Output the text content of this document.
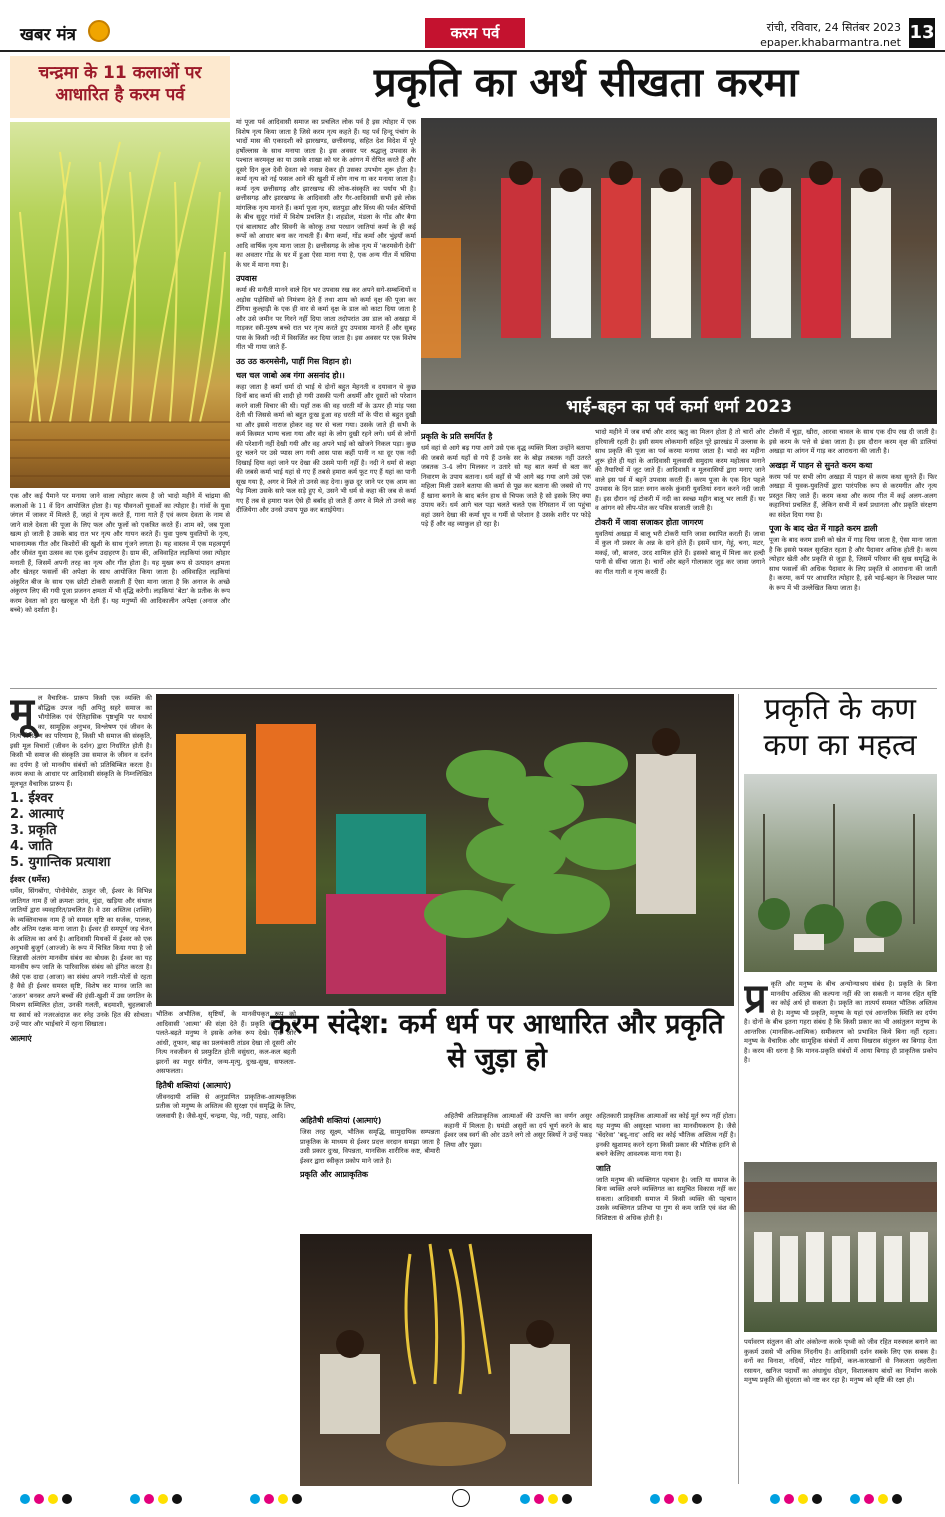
खबर मंत्र	करम पर्व	रांची, रविवार, 24 सितंबर 2023
epaper.khabarmantra.net 13
चन्द्रमा के 11 कलाओं पर आधारित है करम पर्व
एक और कई पैमाने पर मनाया जाने वाला त्योहार करम है जो भादो महीने में चांद्रमा की कलाओं के 11 वें दिन आयोजित होता है। यह यौवनओं युवाओं का त्योहार है। गांवों के युवा जंगल में जाकर में मिलते हैं, जहां वे नृत्य करते हैं, गाना गाते हैं एवं करम देवता के नाम से जाने वाले देवता की पूजा के लिए फल और फूलों को एकत्रित करते हैं। शाम को, जब पूजा खत्म हो जाती है उसके बाद रात भर नृत्य और गायन करते हैं। युवा पुरुष युवतियों के नृत्य, भावनात्मक गीत और किशोरों की खुशी के साथ गूंजने लगता है। यह वास्तव में एक महत्वपूर्ण और जीवंत युवा उत्सव का एक दुर्लभ उदाहरण है। ग्राम की, अविवाहित लड़कियां जवा त्योहार मनाती हैं, जिसमें अपनी तरह का नृत्य और गीत होता है। यह मुख्य रूप से उत्पादन क्षमता और खेतहर फसलों की अपेक्षा के साथ आयोजित किया जाता है। अविवाहित लड़कियां अंकुरित बीज के साथ एक छोटी टोकरी सजाती हैं ऐसा माना जाता है कि अनाज के अच्छे अंकुरण लिए की गयी पूजा प्रजनन क्षमता में भी वृद्धि करेगी। लड़कियां 'बेटा' के प्रतीक के रूप करम देवता को हरा खरबूज भी देती हैं। यह मनुष्यों की आदिकालीन अपेक्षा (अनाज और बच्चे) को दर्शाता है।
प्रकृति का अर्थ सीखता करमा

मां पूजा पर्व आदिवासी समाज का प्रचलित लोक पर्व है इस त्योहार में एक विशेष नृत्य किया जाता है जिसे करम नृत्य कहते हैं। यह पर्व हिन्दू पंचांग के भादों मास की एकादशी को झारखण्ड, छत्तीसगढ़, सहित देश विदेश में पूरे हर्षोल्लास के साथ मनाया जाता है। इस अवसर पर श्रद्धालु उपवास के पश्चात करमवृक्ष का या उसके शाखा को घर के आंगन में रोपित करते हैं और दूसरे दिन कुल देवी देवता को नवान्न देकर ही उसका उपभोग शुरू होता है। कर्मा नृत्य को नई फसल आने की खुशी में लोग नाच गा कर मनाया जाता है। कर्मा नृत्य छत्तीसगढ़ और झारखण्ड की लोक-संस्कृति का पर्याय भी है। छत्तीसगढ़ और झारखण्ड के आदिवासी और गैर-आदिवासी सभी इसे लोक मांगलिक नृत्य मानते हैं। कर्मा पूजा नृत्य, सतपुड़ा और विंध्य की पर्वत श्रेणियों के बीच सुदूर गांवों में विशेष प्रचलित है। शहडोल, मंडला के गोंड और बैगा एवं बालाघाट और सिवनी के कोरकू तथा परधान जातियां कर्मा के ही कई रूपों को आधार बना कर नाचती हैं। बैगा कर्मा, गोंड कर्मा और भुंइयाँ कर्मा आदि वार्षिक नृत्य माना जाता है। छत्तीसगढ़ के लोक नृत्य में 'करमसेनी देवी' का अवतार गोंड के घर में हुआ ऐसा माना गया है, एक अन्य गीत में घसिया के घर में माना गया है।

उपवास

कर्मा की मनौती मानने वाले दिन भर उपवास रख कर अपने सगे-सम्बन्धियों व अड़ोस पड़ोसियों को निमंत्रण देते हैं तथा शाम को कर्मा वृक्ष की पूजा कर टँगिया कुल्हाड़ी के एक ही वार से कर्मा वृक्ष के डाल को काटा दिया जाता है और उसे जमीन पर गिरने नहीं दिया जाता तदोपरांत उस डाल को अखड़ा में गाड़कर स्त्री-पुरुष बच्चे रात भर नृत्य करते हुए उपवास मानते हैं और सुबह पास के किसी नदी में विसर्जित कर दिया जाता है। इस अवसर पर एक विशेष गीत भी गाया जाते हैं-

उठ उठ करमसेनी, पाहीं गिस विहान हो।
चल चल जाबो अब गंगा असनांद हो।।

कहा जाता है कर्मा धर्मा दो भाई थे दोनों बहुत मेहनती व दयावान थे कुछ दिनों बाद कर्मा की शादी हो गयी उसकी पत्नी अधर्मी और दूसरों को परेशान करने वाली विचार की थी। यहाँ तक की वह धरती माँ के ऊपर ही मांड़ पसा देती थी जिससे कर्मा को बहुत दुःख हुआ वह धरती माँ के पीरा से बहुत दुखी था और इससे नाराज होकर वह घर से चला गया। उसके जाते ही सभी के कर्म किस्मत भाग्य चला गया और वहां के लोग दुखी रहने लगे। धर्म से लोगों की परेशानी नहीं देखी गयी और वह अपने भाई को खोजने निकल पड़ा। कुछ दूर चलने पर उसे प्यास लग गयी आस पास कहीं पानी न था दूर एक नदी दिखाई दिया वहां जाने पर देखा की उसमे पानी नहीं है। नदी ने धर्मा से कहा की जबसे कर्मा भाई यहां से गए हैं तबसे हमारा कर्म फूट गए हैं यहां का पानी सूख गया है, अगर वे मिले तो उनसे कह देना। कुछ दूर जाने पर एक आम का पेड़ मिला उसके सारे फल सड़े हुए थे, उसने भी धर्म से कहा की जब से कर्मा गए हैं तब से हमारा फल ऐसे ही बर्बाद हो जाते हैं अगर वे मिले तो उनसे कह दीजियेगा और उनसे उपाय पूछ कर बताईयेगा।

भाई-बहन का पर्व कर्मा धर्मा 2023
प्रकृति के प्रति समर्पित है

धर्म वहां से आगे बढ़ गया आगे उसे एक वृद्ध व्यक्ति मिला उन्होंने बताया की जबसे कर्मा यहाँ से गये हैं उनके सर के बोझ तबतक नहीं उतरते जबतक 3-4 लोग मिलकर न उतारे सो यह बात कर्मा से बता कर निवारण के उपाय बताना। धर्म वहाँ से भी आगे बढ़ गया आगे उसे एक महिला मिली उसने बताया की कर्मा से पूछ कर बताना की जबसे वो गए हैं खाना बनाने के बाद बर्तन हाथ से चिपक जाते है सो इसके लिए क्या उपाय करें। धर्म आगे चल पड़ा चलते चलते एक रेगिस्तान में जा पहुंचा वहां उसने देखा की कर्मा धूप व गर्मी से परेशान है उसके शरीर पर फोड़े पड़े हैं और वह व्याकुल हो रहा है।

भादो महीने में जब वर्षा और शरद ऋतु का मिलन होता है तो चारों ओर हरियाली रहती है। इसी समय लोकमानी सहित पूरे झारखंड में उल्लास के साथ प्रकृति की पूजा का पर्व करमा मनाया जाता है। भादो का महीना शुरू होते ही यहां के आदिवासी मूलवासी समुदाय करम महोत्सव मनाने की तैयारियों में जुट जाते हैं। आदिवासी व मूलवासियों द्वारा मनाए जाने वाले इस पर्व में बहनें उपवास करती हैं। करम पूजा के एक दिन पहले उपवास के दिन प्रातः स्नान करके कुंवारी युवतियां स्नान करने नदी जाती हैं। इस दौरान नई टोकरी में नदी का स्वच्छ महीन बालू भर लाती हैं। घर व आंगन को लीप-पोत कर पवित्र सजाती जाती है।

टोकरी में जावा सजाकर होता जागरण

युवतियां अखड़ा में बालू भरी टोकरी यानि जावा स्थापित करती हैं। जावा में कुल नौ प्रकार के अन्न के दाने होते हैं। इसमें धान, गेहूं, चना, मटर, मकई, जौ, बाजरा, उरद शामिल होते हैं। इसको बालू में मिला कर हल्दी पानी से सींचा जाता है। चारों ओर बहनें गोलाकार जुड़ कर जावा जगाने का गीत गाती व नृत्य करती हैं।

टोकरी में चूड़ा, खीरा, आरवा चावल के साथ एक दीप रख दी जाती है। इसे करम के पत्ते से ढंका जाता है। इस दौरान करम वृक्ष की डालियां अखड़ा या आंगन में गाड़ कर आराधना की जाती है।

अखड़ा में पाहन से सुनते करम कथा

करम पर्व पर सभी लोग अखड़ा में पाहन से करम कथा सुनते हैं। फिर अखड़ा में युवक-युवतियों द्वारा पारंपरिक रूप से करमगीत और नृत्य प्रस्तुत किए जाते हैं। करम कथा और करम गीत में कई अलग-अलग कहानियां प्रचलित हैं, लेकिन सभी में कर्म प्रधानता और प्रकृति संरक्षण का संदेश दिया गया है।

पूजा के बाद खेत में गाड़ते करम डाली

पूजा के बाद करम डाली को खेत में गाड़ दिया जाता है, ऐसा माना जाता है कि इससे फसल सुरक्षित रहता है और पैदावार अधिक होती है। करम त्योहार खेती और प्रकृति से जुड़ा है, जिसमें परिवार की सुख समृद्धि के साथ फसलों की अधिक पैदावार के लिए प्रकृति से आराधना की जाती है। करमा, कर्म पर आधारित त्योहार है, इसे भाई-बहन के निश्छल प्यार के रूप में भी उल्लेखित किया जाता है।

मू ल वैचारिक- प्रारूप किसी एक व्यक्ति की बौद्धिक उपज नहीं अपितु सहरे समाज का भौगोलिक एवं ऐतिहासिक पृष्ठभूमि पर यथार्थ का, सामूहिक अनुभव, विश्लेषण एवं जीवन के नित्य निरीक्षण का परिणाम है, किसी भी समाज की संस्कृति, इसी मूल विचारों (जीवन के दर्शन) द्वारा निर्धारित होती है। किसी भी समाज की संस्कृति उस समाज के जीवन व दर्शन का दर्पण है जो मानवीय संबंधों को प्रतिबिम्बित करता है। करम कथा के आधार पर आदिवासी संस्कृति के निम्नलिखित मूलभूत वैचारिक प्रारूप हैं।

1. ईश्वर
2. आत्माएं
3. प्रकृति
4. जाति
5. युगान्तिक प्रत्याशा
ईश्वर (धर्मेस)

धर्मेस, सिंगबोंगा, पोनोमेसेर, ठाकुर जी, ईश्वर के विभिन्न जातिगत नाम हैं जो क्रमशः उरांव, मुंडा, खड़िया और संथाल जातियों द्वारा व्यवहारित/प्रचलित है। वे उस अस्तित्व (शक्ति) के व्यक्तिवाचक नाम हैं जो समस्त सृष्टि का सर्जक, पालक, और अंतिम रक्षक माना जाता है। ईश्वर ही समपूर्ण जड़ चेतन के अस्तित्व का अर्थ है। आदिवासी मिथकों में ईश्वर को एक अनुभवी बुजुर्ग (आज्जो) के रूप में चित्रित किया गया है जो जिज्ञासी अंतरंग मानवीय संबंध का बोधक है। ईश्वर का यह मानवीय रूप जाति के पारिवारिक संबंध को इंगित करता है। जैसे एक दादा (आजा) का संबंध अपने नाती-पोतों से रहता है वैसे ही ईश्वर समस्त सृष्टि, विशेष कर मानव जाति का 'अजन' बनकर अपने बच्चों की हंसी-खुशी में उस जगतिन के मिश्रण सम्मिलित होता, उनकी गलती, बदमाशी, चुहलबाजी या स्वार्थ को नजरअंदाज कर स्नेह उनके हित की सोचता। उन्हें प्यार और भाईचारे में रहना सिखाता।

आत्माएं	करम संदेश: कर्म धर्म पर आधारित और प्रकृति से जुड़ा हो

भौतिक अभौतिक, सृष्टियाँ, के मानवीयकृत रूप को आदिवासी 'आत्मा' की संज्ञा देते हैं। प्रकृति की गोद में पलते-बढ़ते मनुष्य ने इसके अनेक रूप देखे। एक ओर आंधी, तूफान, बाढ़ का प्रलयंकारी तांडव देखा तो दूसरी ओर नित्य नवजीवन से प्रस्फुटित होती वसुंधरा, कल-कल बहती झरनों का मधुर संगीत, जन्म-मृत्यु, दुःख-सुख, सफलता-असफलता।

हितैषी शक्तियां (आत्माएं)

जीवनदायी शक्ति से अनुप्राणित प्राकृतिक-आत्मकृतिक प्रतीक जो मनुष्य के अस्तित्व की सुरक्षा एवं समृद्धि के लिए, जलवायी है। जैसे-सूर्य, चन्द्रमा, पेड़, नदी, पहाड़, आदि।

अहितैषी शक्तियां (आत्माएं)

जिस तरह सूक्ष्म, भौतिक समृद्धि, सामुदायिक सम्पन्नता प्राकृतिक के माध्यम से ईश्वर प्रदत्त वरदान समझा जाता है उसी प्रकार दुःख, विपन्नता, मानसिक शारीरिक कष्ट, बीमारी ईश्वर द्वारा स्वीकृत प्रकोप माने जाते है।

प्रकृति और आप्राकृतिक

अहितैषी अतिप्राकृतिक आत्माओं की उत्पत्ति का वर्णन असुर कहानी में मिलता है। घमंडी असुरों का दर्प चूर्ण करने के बाद ईश्वर जब स्वर्ग की ओर उठने लगे तो असुर स्त्रियों ने उन्हें पकड़ लिया और पूछा।

अहितकारी प्राकृतिक आत्माओं का कोई मूर्त रूप नहीं होता। यह मनुष्य की असुरक्षा भावना का मानवीयकरण है। जैसे 'चेंदरेवा' 'बदू-नाद' आदि का कोई भौतिक अस्तित्व नहीं है। इनकी खुशामद करने रहना किसी प्रकार की भौतिक हानि से बचने केलिए आवश्यक माना गया है।

जाति

जाति मनुष्य की व्यक्तिगत पहचान है। जाति या समाज के बिना व्यक्ति अपने व्यक्तिगत का समुचित विकास नहीं कर सकता। आदिवासी समाज में किसी व्यक्ति की पहचान उसके व्यक्तिगत प्रतिभा या गुण से कम जाति एवं वंश की विशिष्टता से अधिक होती है।

प्रकृति के कण कण का महत्व
प्र कृति और मनुष्य के बीच अन्योन्याश्रय संबंध है। प्रकृति के बिना मानवीय अस्तित्व की कल्पना नहीं की जा सकती न मानव रहित सृष्टि का कोई अर्थ हो सकता है। प्रकृति का तात्पर्य समस्त भौतिक अस्तित्व से है। मनुष्य भी प्रकृति, मनुष्य के यहां एवं आन्तरिक स्थिति का दर्पण है। दोनों के बीच इतना गहरा संबंध है कि किसी प्रकार का भी असंतुलन मनुष्य के आन्तरिक (मानसिक-आत्मिक) समीकरण को प्रभावित किये बिना नहीं रहता। मनुष्य के वैचारिक और सामूहिक संबंधों में आया विखराव संतुलन का बिगाड़ देता है। करम की धरना है कि मानव-प्रकृति संबंधों में आया बिगाड़ ही प्राकृतिक प्रकोप है।

पर्यावरण संतुलन की ओर अंकोल्ना करके पृथ्वी को जीव रहित मरुस्थल बनाने का कुकर्म उससे भी अधिक निंदनीय है। आदिवासी दर्शन सबके लिए एक सबक है। वनों का विनाश, नदियों, मोटर गाड़ियों, कल-कारखानों से निकलता जहरीला रसायन, खनिज पदार्थों का अंधाधुंध दोहन, विशालकाय बांधों का निर्माण करके मनुष्य प्रकृति की सुंदरता को नष्ट कर रहा है। मनुष्य को सृष्टि की रक्षा हो।
